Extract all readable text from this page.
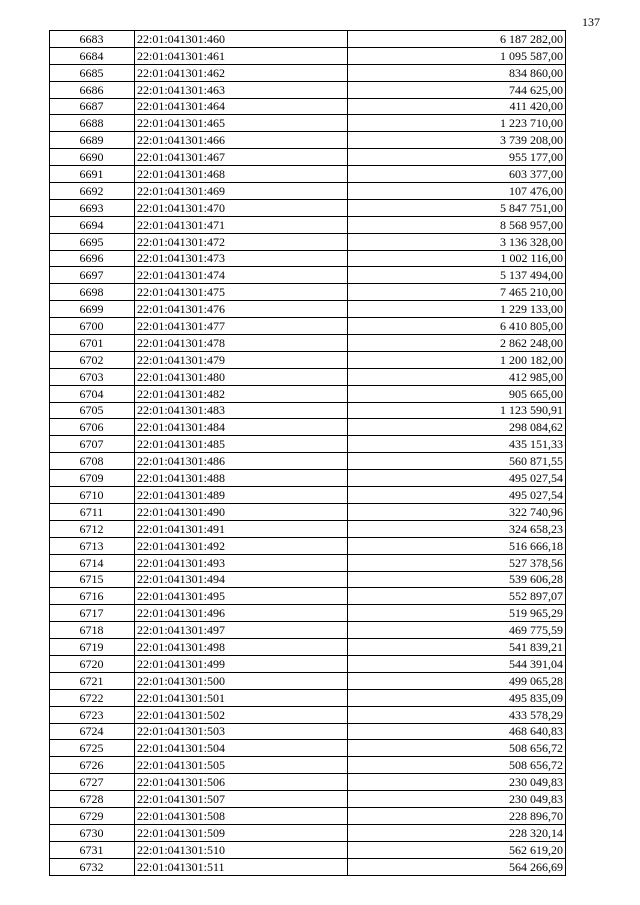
137
6683	22:01:041301:460	6 187 282,00
6684	22:01:041301:461	1 095 587,00
6685	22:01:041301:462	834 860,00
6686	22:01:041301:463	744 625,00
6687	22:01:041301:464	411 420,00
6688	22:01:041301:465	1 223 710,00
6689	22:01:041301:466	3 739 208,00
6690	22:01:041301:467	955 177,00
6691	22:01:041301:468	603 377,00
6692	22:01:041301:469	107 476,00
6693	22:01:041301:470	5 847 751,00
6694	22:01:041301:471	8 568 957,00
6695	22:01:041301:472	3 136 328,00
6696	22:01:041301:473	1 002 116,00
6697	22:01:041301:474	5 137 494,00
6698	22:01:041301:475	7 465 210,00
6699	22:01:041301:476	1 229 133,00
6700	22:01:041301:477	6 410 805,00
6701	22:01:041301:478	2 862 248,00
6702	22:01:041301:479	1 200 182,00
6703	22:01:041301:480	412 985,00
6704	22:01:041301:482	905 665,00
6705	22:01:041301:483	1 123 590,91
6706	22:01:041301:484	298 084,62
6707	22:01:041301:485	435 151,33
6708	22:01:041301:486	560 871,55
6709	22:01:041301:488	495 027,54
6710	22:01:041301:489	495 027,54
6711	22:01:041301:490	322 740,96
6712	22:01:041301:491	324 658,23
6713	22:01:041301:492	516 666,18
6714	22:01:041301:493	527 378,56
6715	22:01:041301:494	539 606,28
6716	22:01:041301:495	552 897,07
6717	22:01:041301:496	519 965,29
6718	22:01:041301:497	469 775,59
6719	22:01:041301:498	541 839,21
6720	22:01:041301:499	544 391,04
6721	22:01:041301:500	499 065,28
6722	22:01:041301:501	495 835,09
6723	22:01:041301:502	433 578,29
6724	22:01:041301:503	468 640,83
6725	22:01:041301:504	508 656,72
6726	22:01:041301:505	508 656,72
6727	22:01:041301:506	230 049,83
6728	22:01:041301:507	230 049,83
6729	22:01:041301:508	228 896,70
6730	22:01:041301:509	228 320,14
6731	22:01:041301:510	562 619,20
6732	22:01:041301:511	564 266,69
